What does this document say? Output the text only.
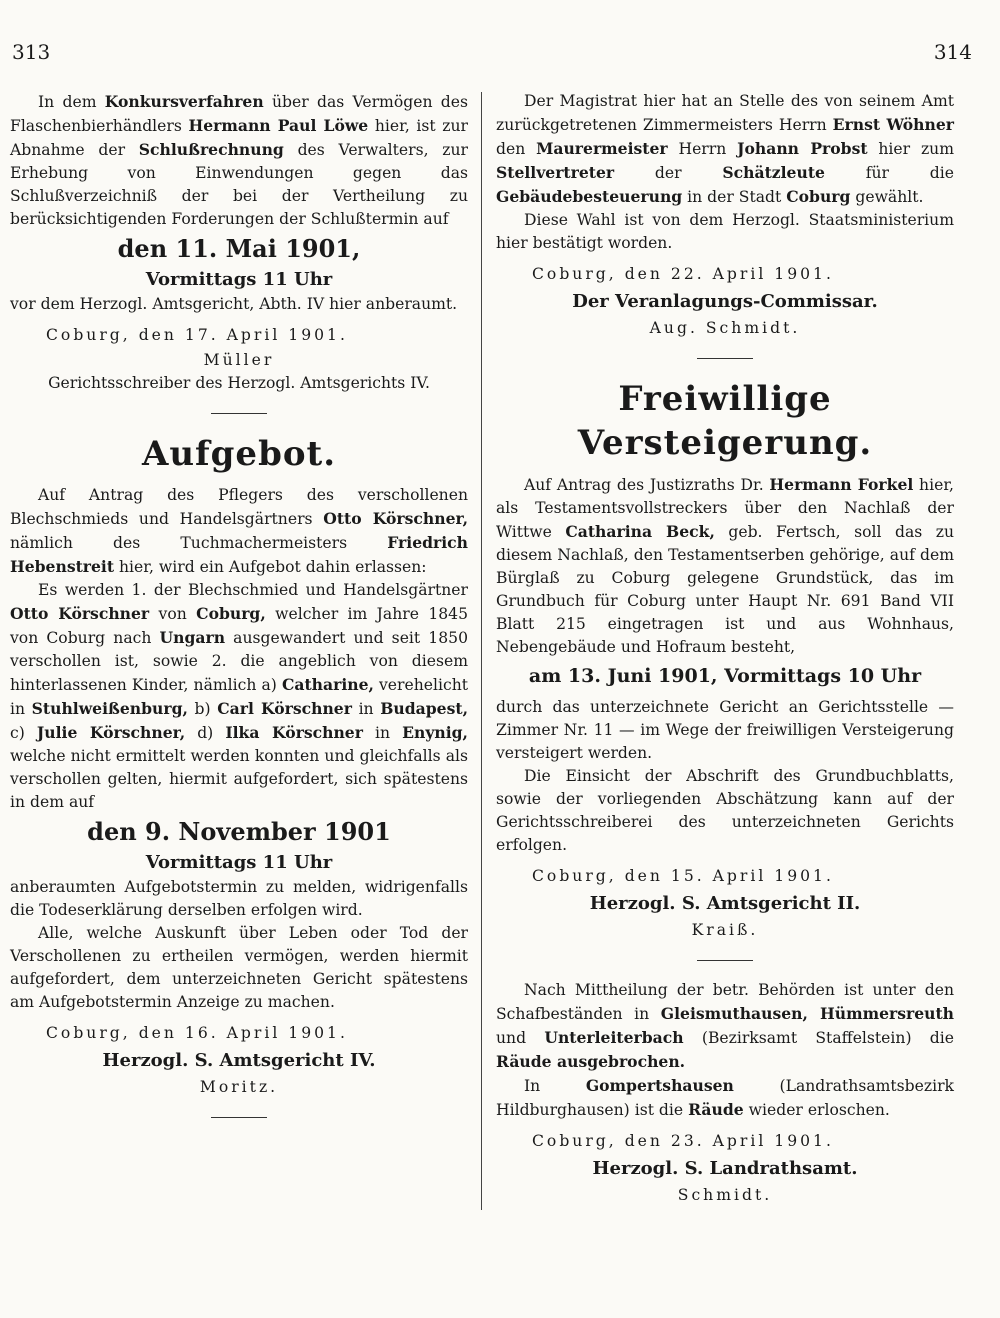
313	314

In dem Konkursverfahren über das Vermögen des Flaschenbierhändlers Hermann Paul Löwe hier, ist zur Abnahme der Schlußrechnung des Verwalters, zur Erhebung von Einwendungen gegen das Schlußverzeichniß der bei der Vertheilung zu berücksichtigenden Forderungen der Schlußtermin auf

den 11. Mai 1901,

Vormittags 11 Uhr

vor dem Herzogl. Amtsgericht, Abth. IV hier anberaumt.

Coburg, den 17. April 1901.

Müller

Gerichtsschreiber des Herzogl. Amtsgerichts IV.

Aufgebot.

Auf Antrag des Pflegers des verschollenen Blechschmieds und Handelsgärtners Otto Körschner, nämlich des Tuchmachermeisters Friedrich Hebenstreit hier, wird ein Aufgebot dahin erlassen:

Es werden 1. der Blechschmied und Handelsgärtner Otto Körschner von Coburg, welcher im Jahre 1845 von Coburg nach Ungarn ausgewandert und seit 1850 verschollen ist, sowie 2. die angeblich von diesem hinterlassenen Kinder, nämlich a) Catharine, verehelicht in Stuhlweißenburg, b) Carl Körschner in Budapest, c) Julie Körschner, d) Ilka Körschner in Enynig, welche nicht ermittelt werden konnten und gleichfalls als verschollen gelten, hiermit aufgefordert, sich spätestens in dem auf

den 9. November 1901

Vormittags 11 Uhr

anberaumten Aufgebotstermin zu melden, widrigenfalls die Todeserklärung derselben erfolgen wird.

Alle, welche Auskunft über Leben oder Tod der Verschollenen zu ertheilen vermögen, werden hiermit aufgefordert, dem unterzeichneten Gericht spätestens am Aufgebotstermin Anzeige zu machen.

Coburg, den 16. April 1901.

Herzogl. S. Amtsgericht IV.

Moritz.

Der Magistrat hier hat an Stelle des von seinem Amt zurückgetretenen Zimmermeisters Herrn Ernst Wöhner den Maurermeister Herrn Johann Probst hier zum Stellvertreter der Schätzleute für die Gebäudebesteuerung in der Stadt Coburg gewählt.

Diese Wahl ist von dem Herzogl. Staatsministerium hier bestätigt worden.

Coburg, den 22. April 1901.

Der Veranlagungs-Commissar.

Aug. Schmidt.

Freiwillige Versteigerung.

Auf Antrag des Justizraths Dr. Hermann Forkel hier, als Testamentsvollstreckers über den Nachlaß der Wittwe Catharina Beck, geb. Fertsch, soll das zu diesem Nachlaß, den Testamentserben gehörige, auf dem Bürglaß zu Coburg gelegene Grundstück, das im Grundbuch für Coburg unter Haupt Nr. 691 Band VII Blatt 215 eingetragen ist und aus Wohnhaus, Nebengebäude und Hofraum besteht,

am 13. Juni 1901, Vormittags 10 Uhr

durch das unterzeichnete Gericht an Gerichtsstelle — Zimmer Nr. 11 — im Wege der freiwilligen Versteigerung versteigert werden.

Die Einsicht der Abschrift des Grundbuchblatts, sowie der vorliegenden Abschätzung kann auf der Gerichtsschreiberei des unterzeichneten Gerichts erfolgen.

Coburg, den 15. April 1901.

Herzogl. S. Amtsgericht II.

Kraiß.

Nach Mittheilung der betr. Behörden ist unter den Schafbeständen in Gleismuthausen, Hümmersreuth und Unterleiterbach (Bezirksamt Staffelstein) die Räude ausgebrochen.

In Gompertshausen (Landrathsamtsbezirk Hildburghausen) ist die Räude wieder erloschen.

Coburg, den 23. April 1901.

Herzogl. S. Landrathsamt.

Schmidt.
